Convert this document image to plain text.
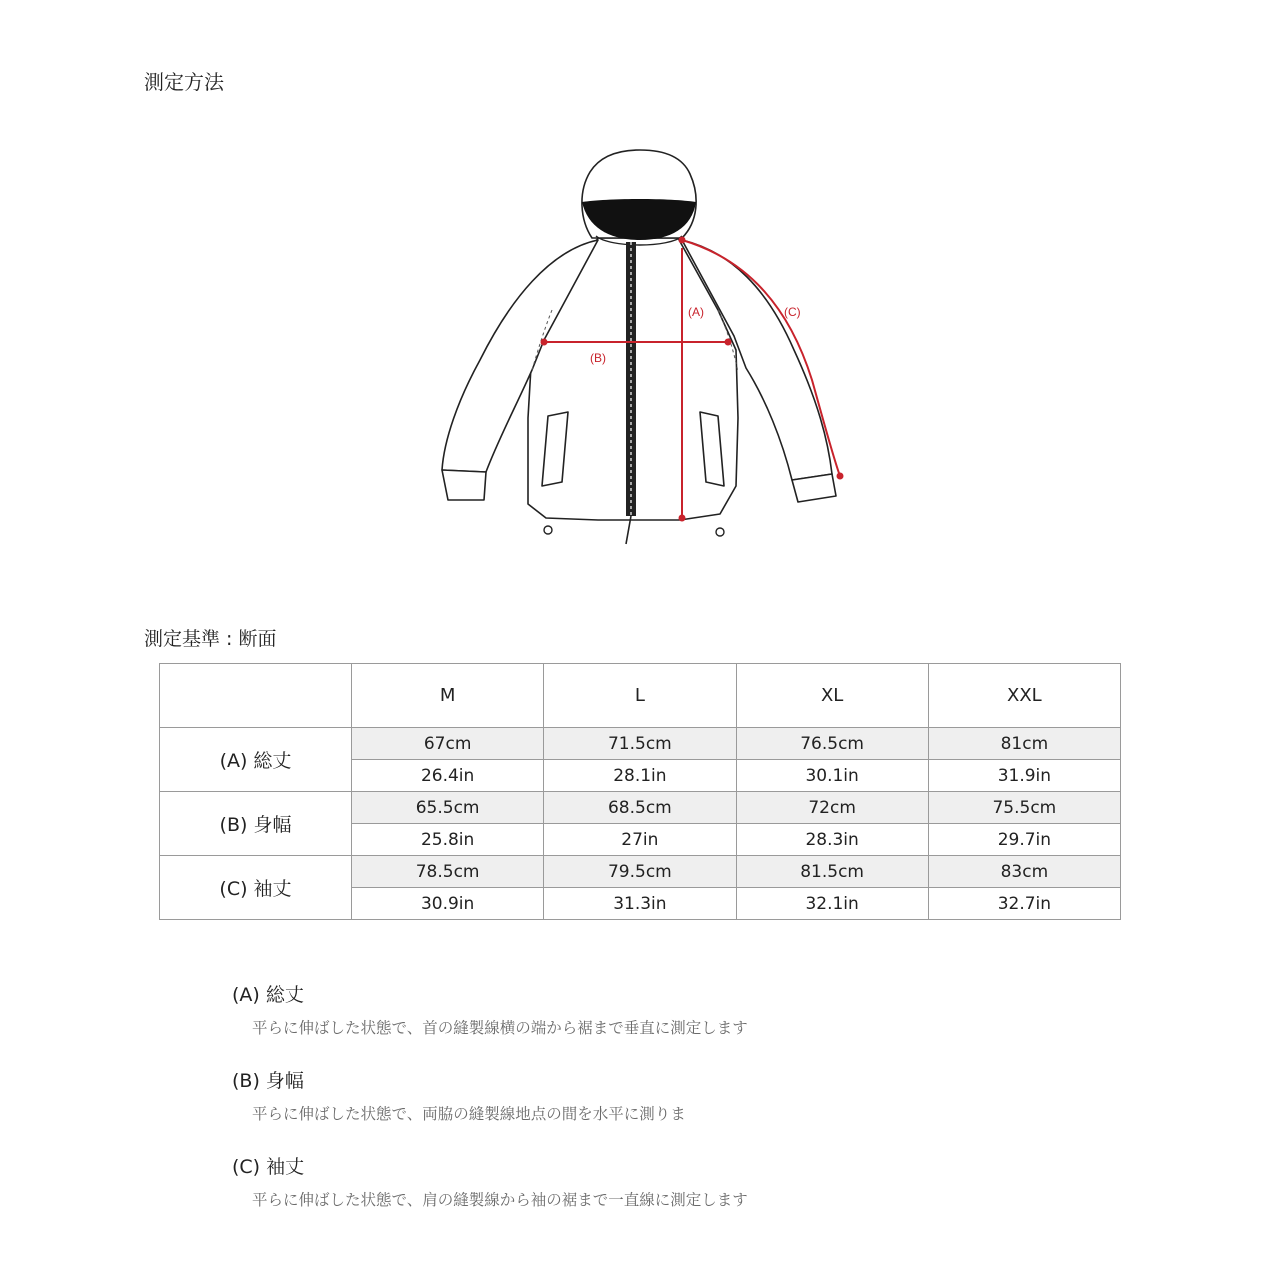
測定方法
(A)
(B)
(C)
測定基準 : 断面
	M	L	XL	XXL
(A) 総丈	67cm	71.5cm	76.5cm	81cm
	26.4in	28.1in	30.1in	31.9in
(B) 身幅	65.5cm	68.5cm	72cm	75.5cm
	25.8in	27in	28.3in	29.7in
(C) 袖丈	78.5cm	79.5cm	81.5cm	83cm
	30.9in	31.3in	32.1in	32.7in
(A) 総丈
平らに伸ばした状態で、首の縫製線横の端から裾まで垂直に測定します
(B) 身幅
平らに伸ばした状態で、両脇の縫製線地点の間を水平に測りま
(C) 袖丈
平らに伸ばした状態で、肩の縫製線から袖の裾まで一直線に測定します
